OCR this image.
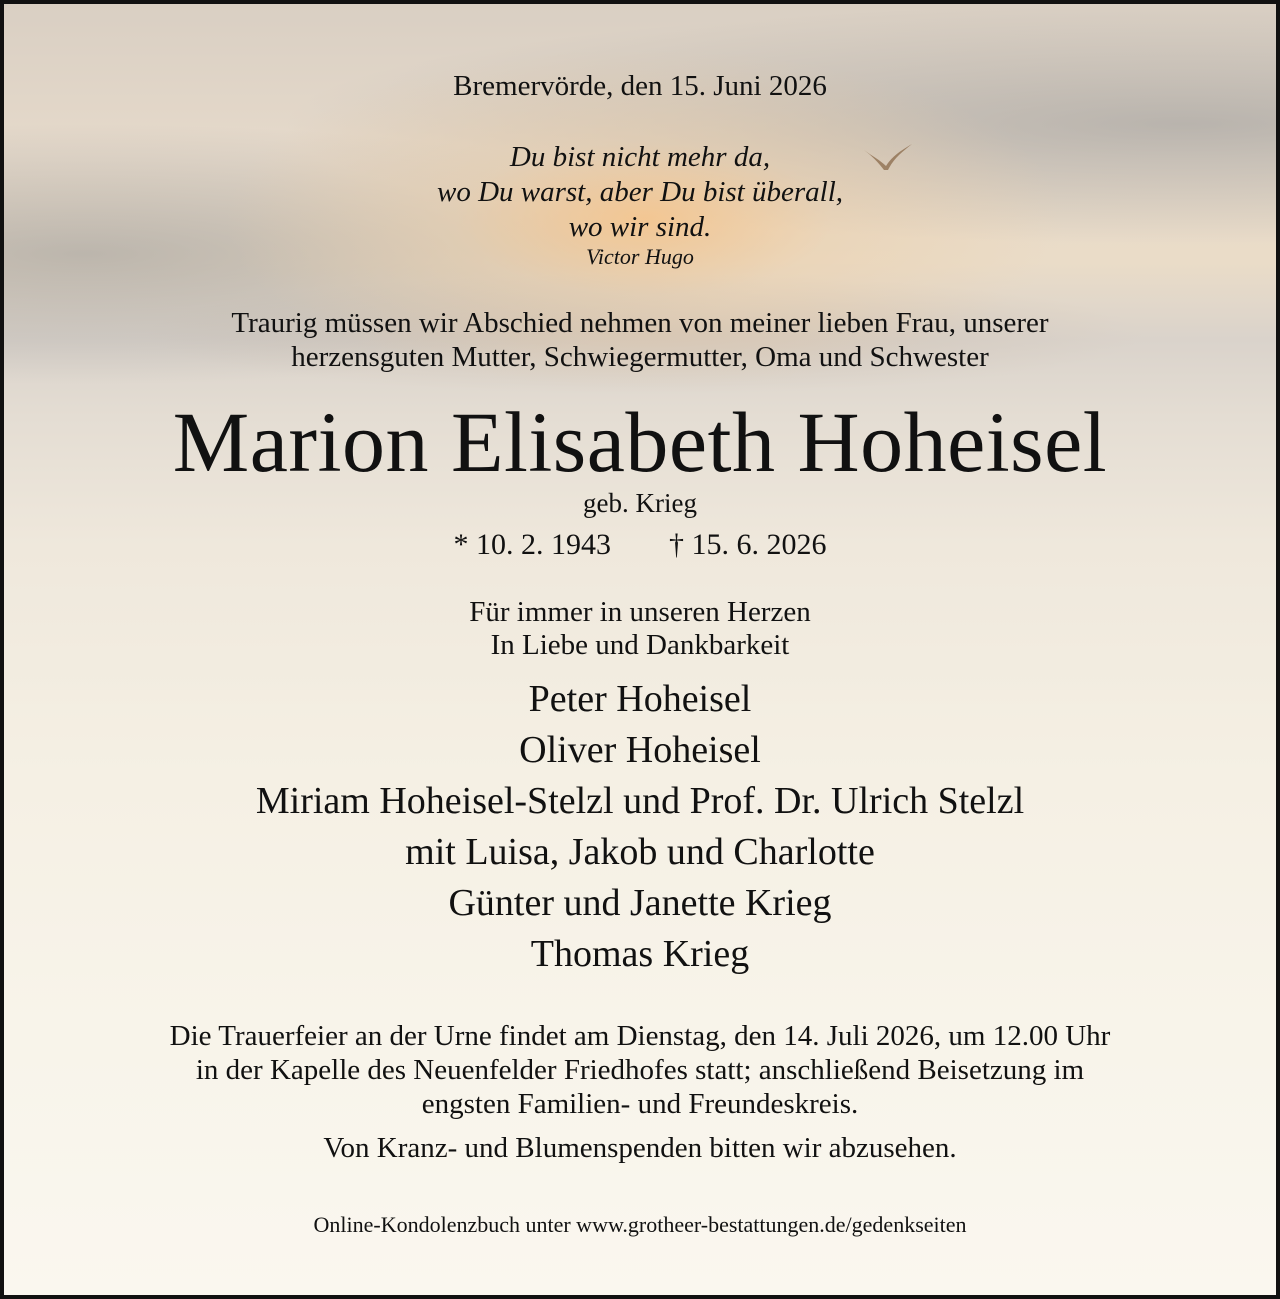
Bremervörde, den 15. Juni 2026

Du bist nicht mehr da,
wo Du warst, aber Du bist überall,
wo wir sind.

Victor Hugo

Traurig müssen wir Abschied nehmen von meiner lieben Frau, unserer
herzensguten Mutter, Schwiegermutter, Oma und Schwester

Marion Elisabeth Hoheisel

geb. Krieg

* 10. 2. 1943 † 15. 6. 2026

Für immer in unseren Herzen
In Liebe und Dankbarkeit
Peter Hoheisel
Oliver Hoheisel
Miriam Hoheisel-Stelzl und Prof. Dr. Ulrich Stelzl
mit Luisa, Jakob und Charlotte
Günter und Janette Krieg
Thomas Krieg
Die Trauerfeier an der Urne findet am Dienstag, den 14. Juli 2026, um 12.00 Uhr
in der Kapelle des Neuenfelder Friedhofes statt; anschließend Beisetzung im
engsten Familien- und Freundeskreis.

Von Kranz- und Blumenspenden bitten wir abzusehen.

Online-Kondolenzbuch unter www.grotheer-bestattungen.de/gedenkseiten
